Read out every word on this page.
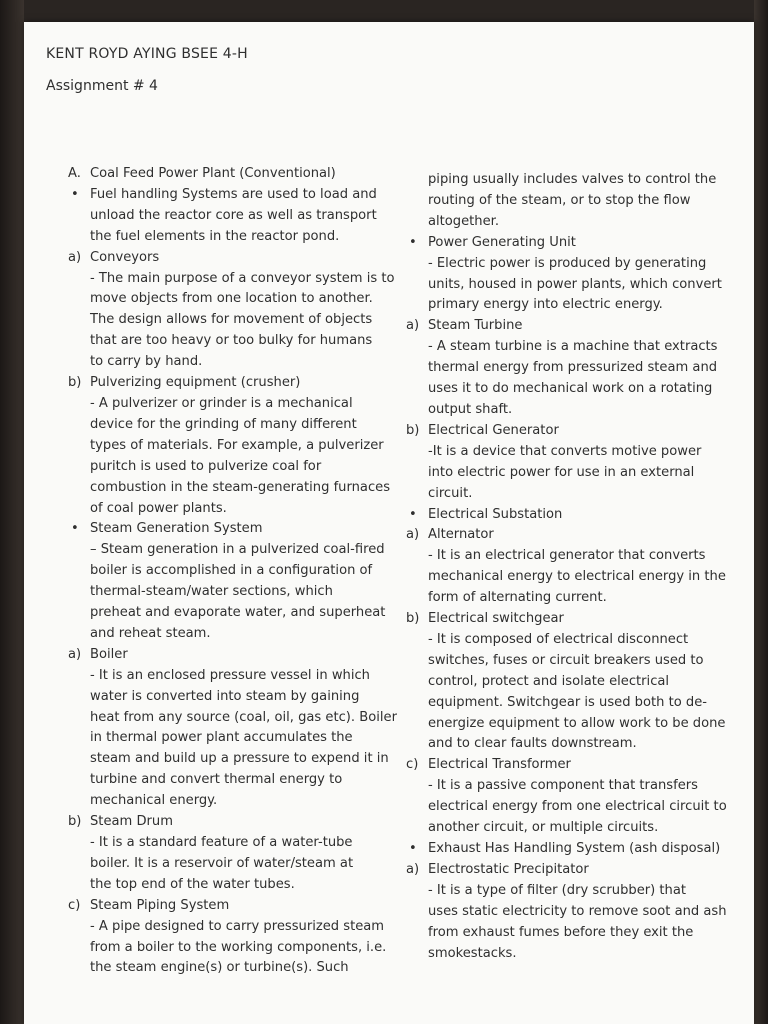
KENT ROYD AYING BSEE 4-H
Assignment # 4
A. Coal Feed Power Plant (Conventional)
• Fuel handling Systems are used to load and
unload the reactor core as well as transport
the fuel elements in the reactor pond.
a) Conveyors
- The main purpose of a conveyor system is to
move objects from one location to another.
The design allows for movement of objects
that are too heavy or too bulky for humans
to carry by hand.
b) Pulverizing equipment (crusher)
- A pulverizer or grinder is a mechanical
device for the grinding of many different
types of materials. For example, a pulverizer
puritch is used to pulverize coal for
combustion in the steam-generating furnaces
of coal power plants.
• Steam Generation System
– Steam generation in a pulverized coal-fired
boiler is accomplished in a configuration of
thermal-steam/water sections, which
preheat and evaporate water, and superheat
and reheat steam.
a) Boiler
- It is an enclosed pressure vessel in which
water is converted into steam by gaining
heat from any source (coal, oil, gas etc). Boiler
in thermal power plant accumulates the
steam and build up a pressure to expend it in
turbine and convert thermal energy to
mechanical energy.
b) Steam Drum
- It is a standard feature of a water-tube
boiler. It is a reservoir of water/steam at
the top end of the water tubes.
c) Steam Piping System
- A pipe designed to carry pressurized steam
from a boiler to the working components, i.e.
the steam engine(s) or turbine(s). Such
piping usually includes valves to control the
routing of the steam, or to stop the flow
altogether.
• Power Generating Unit
- Electric power is produced by generating
units, housed in power plants, which convert
primary energy into electric energy.
a) Steam Turbine
- A steam turbine is a machine that extracts
thermal energy from pressurized steam and
uses it to do mechanical work on a rotating
output shaft.
b) Electrical Generator
-It is a device that converts motive power
into electric power for use in an external
circuit.
• Electrical Substation
a) Alternator
- It is an electrical generator that converts
mechanical energy to electrical energy in the
form of alternating current.
b) Electrical switchgear
- It is composed of electrical disconnect
switches, fuses or circuit breakers used to
control, protect and isolate electrical
equipment. Switchgear is used both to de-
energize equipment to allow work to be done
and to clear faults downstream.
c) Electrical Transformer
- It is a passive component that transfers
electrical energy from one electrical circuit to
another circuit, or multiple circuits.
• Exhaust Has Handling System (ash disposal)
a) Electrostatic Precipitator
- It is a type of filter (dry scrubber) that
uses static electricity to remove soot and ash
from exhaust fumes before they exit the
smokestacks.
